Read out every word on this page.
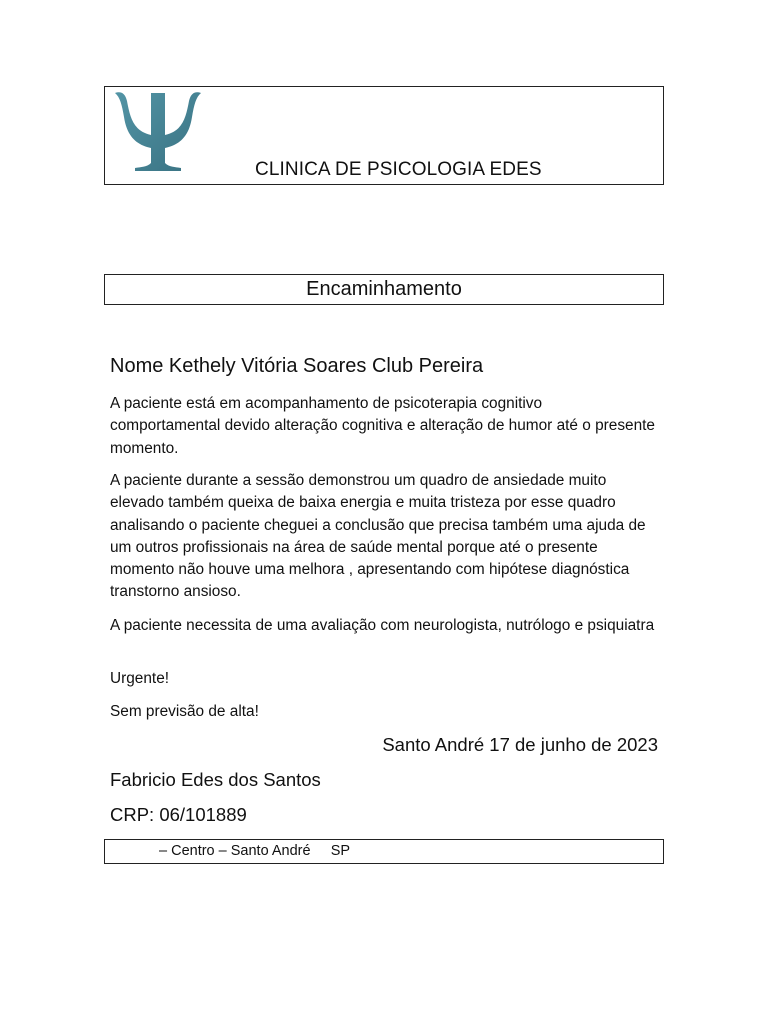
CLINICA DE PSICOLOGIA EDES
Encaminhamento
Nome Kethely Vitória Soares Club Pereira
A paciente está em acompanhamento de psicoterapia cognitivo comportamental devido alteração cognitiva e alteração de humor até o presente momento.
A paciente durante a sessão demonstrou um quadro de ansiedade muito elevado também queixa de baixa energia e muita tristeza por esse quadro analisando o paciente cheguei a conclusão que precisa também uma ajuda de um outros profissionais na área de saúde mental porque até o presente momento não houve uma melhora , apresentando com hipótese diagnóstica transtorno ansioso.
A paciente necessita de uma avaliação com neurologista, nutrólogo e psiquiatra
Urgente!
Sem previsão de alta!
Santo André 17 de junho de 2023
Fabricio Edes dos Santos
CRP: 06/101889
– Centro – Santo André     SP
